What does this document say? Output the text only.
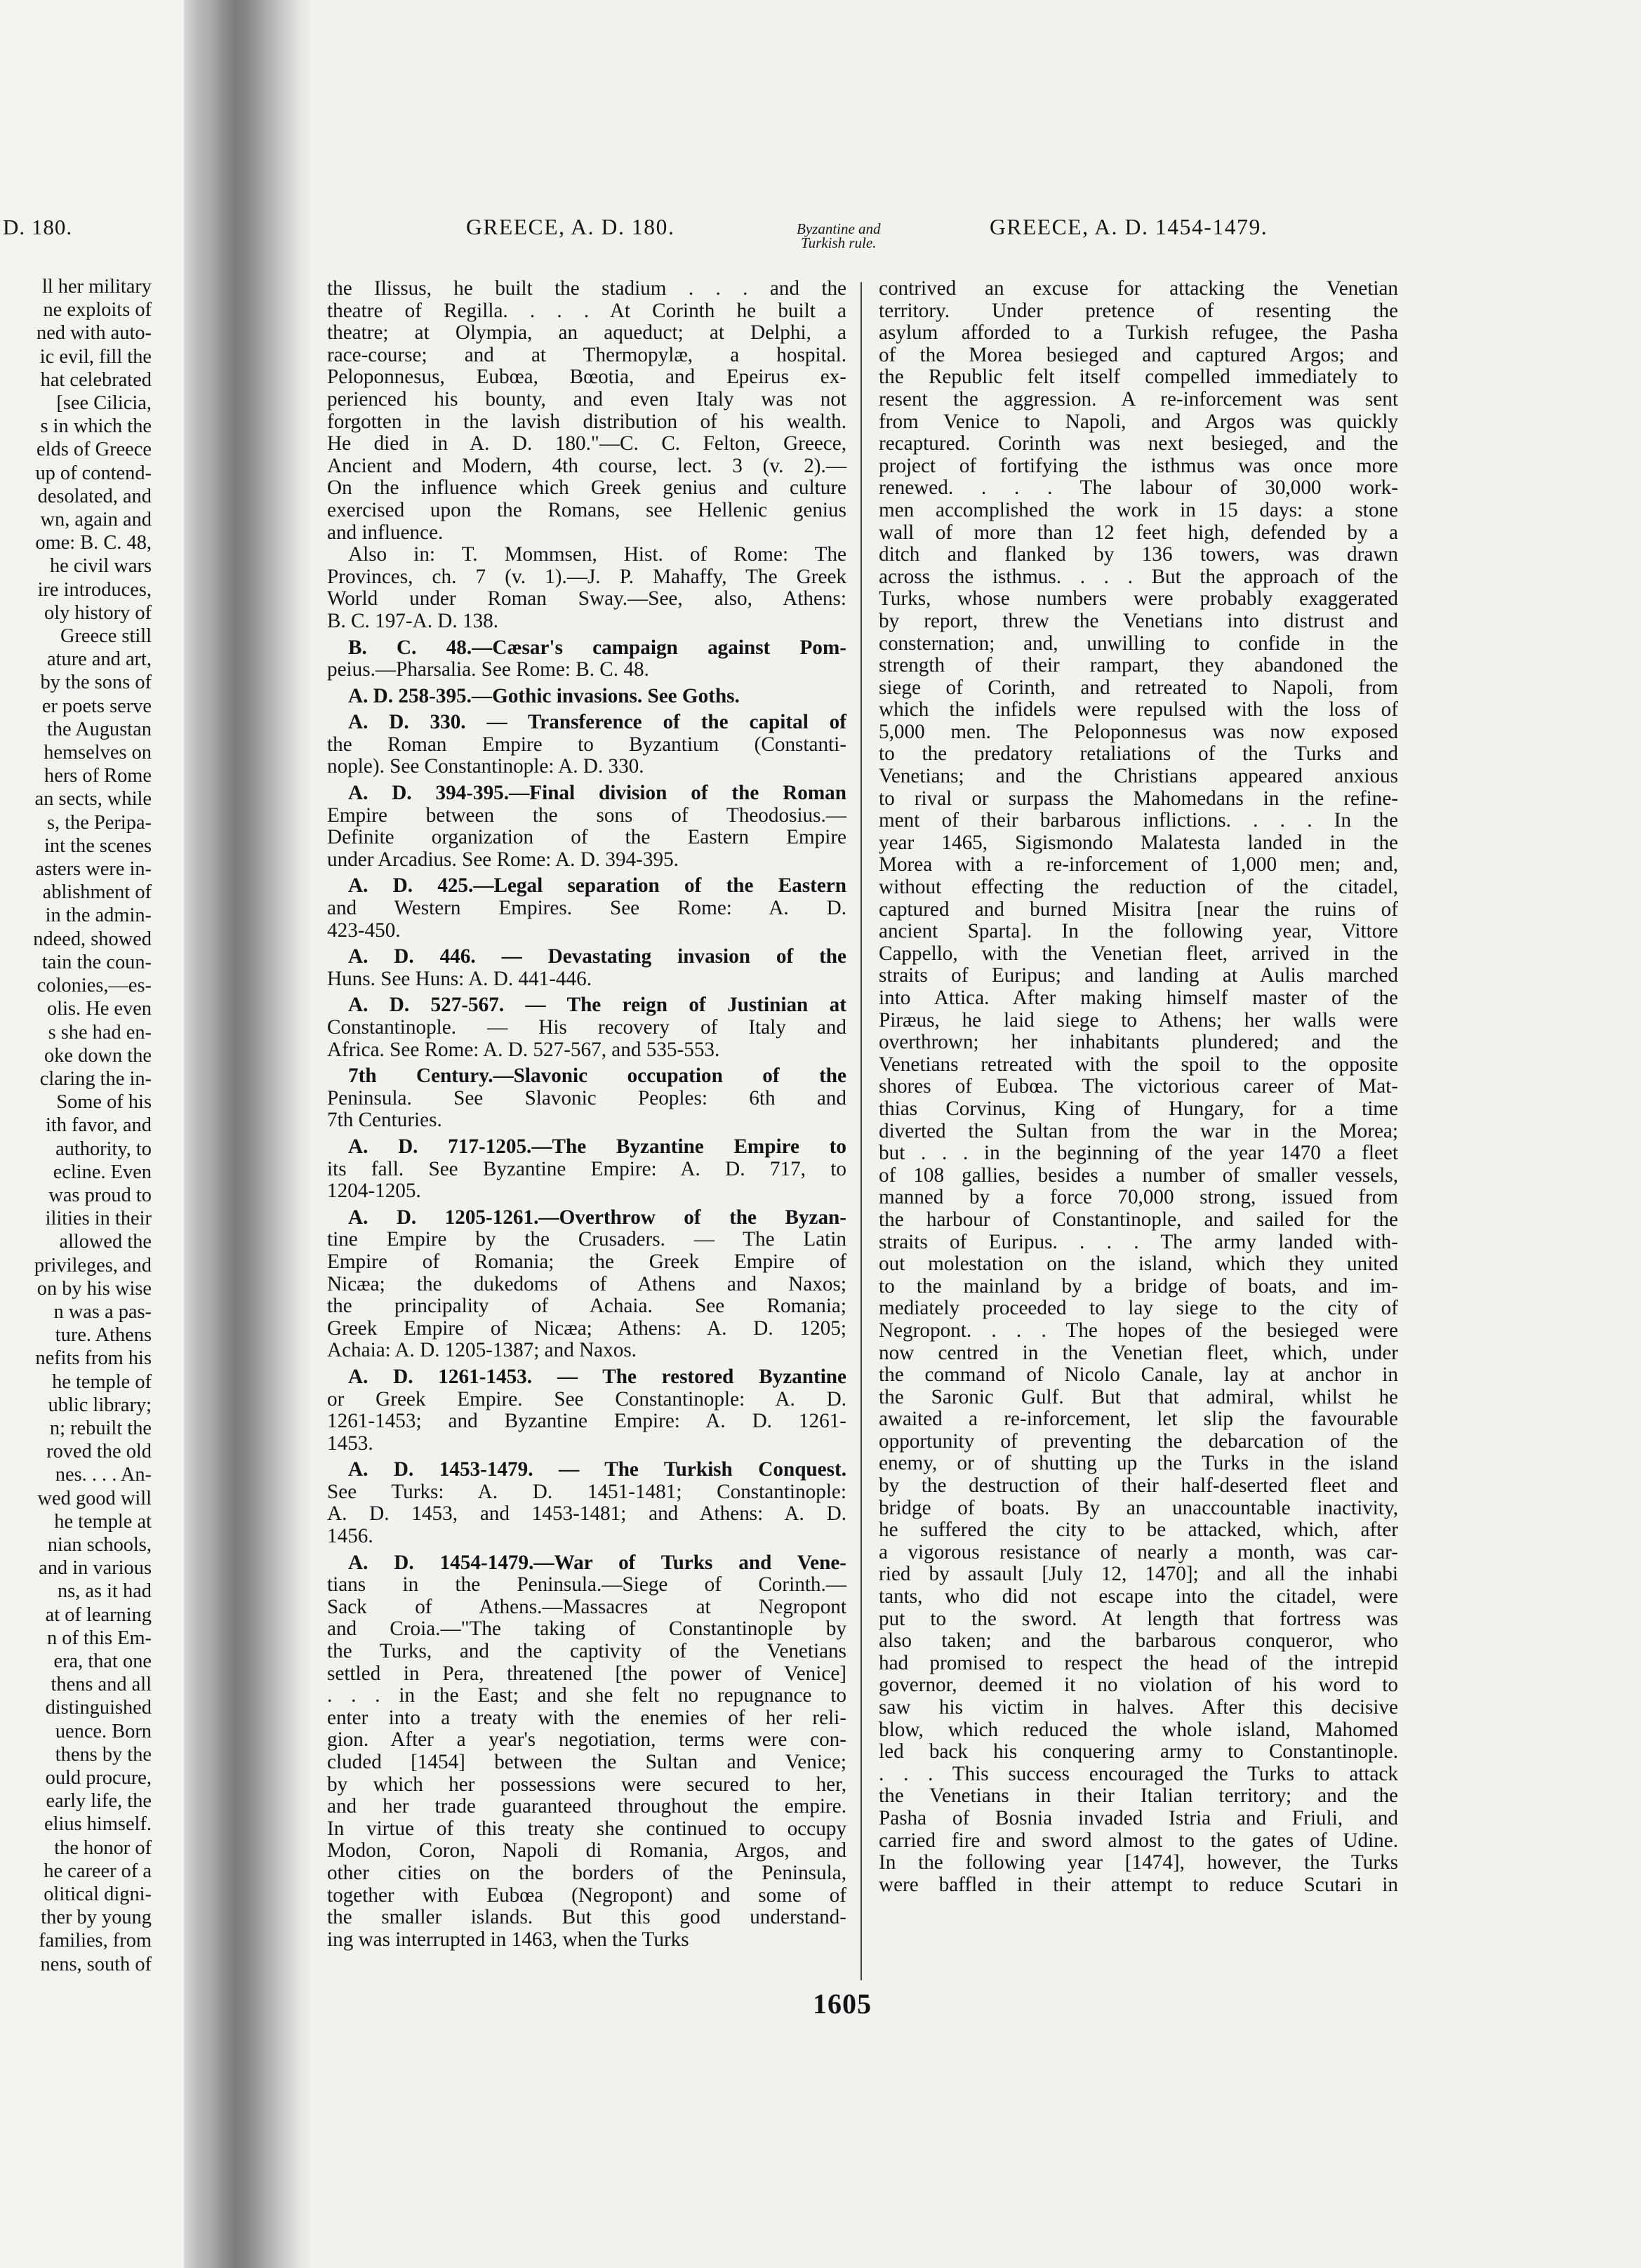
D. 180.
ll her military
ne exploits of
ned with auto-
ic evil, fill the
hat celebrated
[see Cilicia,
s in which the
elds of Greece
up of contend-
desolated, and
wn, again and
ome: B. C. 48,
he civil wars
ire introduces,
oly history of
Greece still
ature and art,
by the sons of
er poets serve
the Augustan
hemselves on
hers of Rome
an sects, while
s, the Peripa-
int the scenes
asters were in-
ablishment of
in the admin-
ndeed, showed
tain the coun-
colonies,—es-
olis. He even
s she had en-
oke down the
claring the in-
Some of his
ith favor, and
authority, to
ecline. Even
was proud to
ilities in their
allowed the
privileges, and
on by his wise
n was a pas-
ture. Athens
nefits from his
he temple of
ublic library;
n; rebuilt the
roved the old
nes. . . . An-
wed good will
he temple at
nian schools,
and in various
ns, as it had
at of learning
n of this Em-
era, that one
thens and all
distinguished
uence. Born
thens by the
ould procure,
early life, the
elius himself.
the honor of
he career of a
olitical digni-
ther by young
families, from
nens, south of
GREECE, A. D. 180.	Byzantine and
Turkish rule.
GREECE, A. D. 1454-1479.
the Ilissus, he built the stadium . . . and the
theatre of Regilla. . . . At Corinth he built a
theatre; at Olympia, an aqueduct; at Delphi, a
race-course; and at Thermopylæ, a hospital.
Peloponnesus, Eubœa, Bœotia, and Epeirus ex-
perienced his bounty, and even Italy was not
forgotten in the lavish distribution of his wealth.
He died in A. D. 180."—C. C. Felton, Greece,
Ancient and Modern, 4th course, lect. 3 (v. 2).—
On the influence which Greek genius and culture
exercised upon the Romans, see Hellenic genius
and influence.
Also in: T. Mommsen, Hist. of Rome: The
Provinces, ch. 7 (v. 1).—J. P. Mahaffy, The Greek
World under Roman Sway.—See, also, Athens:
B. C. 197-A. D. 138.
B. C. 48.—Cæsar's campaign against Pom-
peius.—Pharsalia. See Rome: B. C. 48.
A. D. 258-395.—Gothic invasions. See Goths.
A. D. 330. — Transference of the capital of
the Roman Empire to Byzantium (Constanti-
nople). See Constantinople: A. D. 330.
A. D. 394-395.—Final division of the Roman
Empire between the sons of Theodosius.—
Definite organization of the Eastern Empire
under Arcadius. See Rome: A. D. 394-395.
A. D. 425.—Legal separation of the Eastern
and Western Empires. See Rome: A. D.
423-450.
A. D. 446. — Devastating invasion of the
Huns. See Huns: A. D. 441-446.
A. D. 527-567. — The reign of Justinian at
Constantinople. — His recovery of Italy and
Africa. See Rome: A. D. 527-567, and 535-553.
7th Century.—Slavonic occupation of the
Peninsula. See Slavonic Peoples: 6th and
7th Centuries.
A. D. 717-1205.—The Byzantine Empire to
its fall. See Byzantine Empire: A. D. 717, to
1204-1205.
A. D. 1205-1261.—Overthrow of the Byzan-
tine Empire by the Crusaders. — The Latin
Empire of Romania; the Greek Empire of
Nicæa; the dukedoms of Athens and Naxos;
the principality of Achaia. See Romania;
Greek Empire of Nicæa; Athens: A. D. 1205;
Achaia: A. D. 1205-1387; and Naxos.
A. D. 1261-1453. — The restored Byzantine
or Greek Empire. See Constantinople: A. D.
1261-1453; and Byzantine Empire: A. D. 1261-
1453.
A. D. 1453-1479. — The Turkish Conquest.
See Turks: A. D. 1451-1481; Constantinople:
A. D. 1453, and 1453-1481; and Athens: A. D.
1456.
A. D. 1454-1479.—War of Turks and Vene-
tians in the Peninsula.—Siege of Corinth.—
Sack of Athens.—Massacres at Negropont
and Croia.—"The taking of Constantinople by
the Turks, and the captivity of the Venetians
settled in Pera, threatened [the power of Venice]
. . . in the East; and she felt no repugnance to
enter into a treaty with the enemies of her reli-
gion. After a year's negotiation, terms were con-
cluded [1454] between the Sultan and Venice;
by which her possessions were secured to her,
and her trade guaranteed throughout the empire.
In virtue of this treaty she continued to occupy
Modon, Coron, Napoli di Romania, Argos, and
other cities on the borders of the Peninsula,
together with Eubœa (Negropont) and some of
the smaller islands. But this good understand-
ing was interrupted in 1463, when the Turks
contrived an excuse for attacking the Venetian
territory. Under pretence of resenting the
asylum afforded to a Turkish refugee, the Pasha
of the Morea besieged and captured Argos; and
the Republic felt itself compelled immediately to
resent the aggression. A re-inforcement was sent
from Venice to Napoli, and Argos was quickly
recaptured. Corinth was next besieged, and the
project of fortifying the isthmus was once more
renewed. . . . The labour of 30,000 work-
men accomplished the work in 15 days: a stone
wall of more than 12 feet high, defended by a
ditch and flanked by 136 towers, was drawn
across the isthmus. . . . But the approach of the
Turks, whose numbers were probably exaggerated
by report, threw the Venetians into distrust and
consternation; and, unwilling to confide in the
strength of their rampart, they abandoned the
siege of Corinth, and retreated to Napoli, from
which the infidels were repulsed with the loss of
5,000 men. The Peloponnesus was now exposed
to the predatory retaliations of the Turks and
Venetians; and the Christians appeared anxious
to rival or surpass the Mahomedans in the refine-
ment of their barbarous inflictions. . . . In the
year 1465, Sigismondo Malatesta landed in the
Morea with a re-inforcement of 1,000 men; and,
without effecting the reduction of the citadel,
captured and burned Misitra [near the ruins of
ancient Sparta]. In the following year, Vittore
Cappello, with the Venetian fleet, arrived in the
straits of Euripus; and landing at Aulis marched
into Attica. After making himself master of the
Piræus, he laid siege to Athens; her walls were
overthrown; her inhabitants plundered; and the
Venetians retreated with the spoil to the opposite
shores of Eubœa. The victorious career of Mat-
thias Corvinus, King of Hungary, for a time
diverted the Sultan from the war in the Morea;
but . . . in the beginning of the year 1470 a fleet
of 108 gallies, besides a number of smaller vessels,
manned by a force 70,000 strong, issued from
the harbour of Constantinople, and sailed for the
straits of Euripus. . . . The army landed with-
out molestation on the island, which they united
to the mainland by a bridge of boats, and im-
mediately proceeded to lay siege to the city of
Negropont. . . . The hopes of the besieged were
now centred in the Venetian fleet, which, under
the command of Nicolo Canale, lay at anchor in
the Saronic Gulf. But that admiral, whilst he
awaited a re-inforcement, let slip the favourable
opportunity of preventing the debarcation of the
enemy, or of shutting up the Turks in the island
by the destruction of their half-deserted fleet and
bridge of boats. By an unaccountable inactivity,
he suffered the city to be attacked, which, after
a vigorous resistance of nearly a month, was car-
ried by assault [July 12, 1470]; and all the inhabi
tants, who did not escape into the citadel, were
put to the sword. At length that fortress was
also taken; and the barbarous conqueror, who
had promised to respect the head of the intrepid
governor, deemed it no violation of his word to
saw his victim in halves. After this decisive
blow, which reduced the whole island, Mahomed
led back his conquering army to Constantinople.
. . . This success encouraged the Turks to attack
the Venetians in their Italian territory; and the
Pasha of Bosnia invaded Istria and Friuli, and
carried fire and sword almost to the gates of Udine.
In the following year [1474], however, the Turks
were baffled in their attempt to reduce Scutari in
1605
